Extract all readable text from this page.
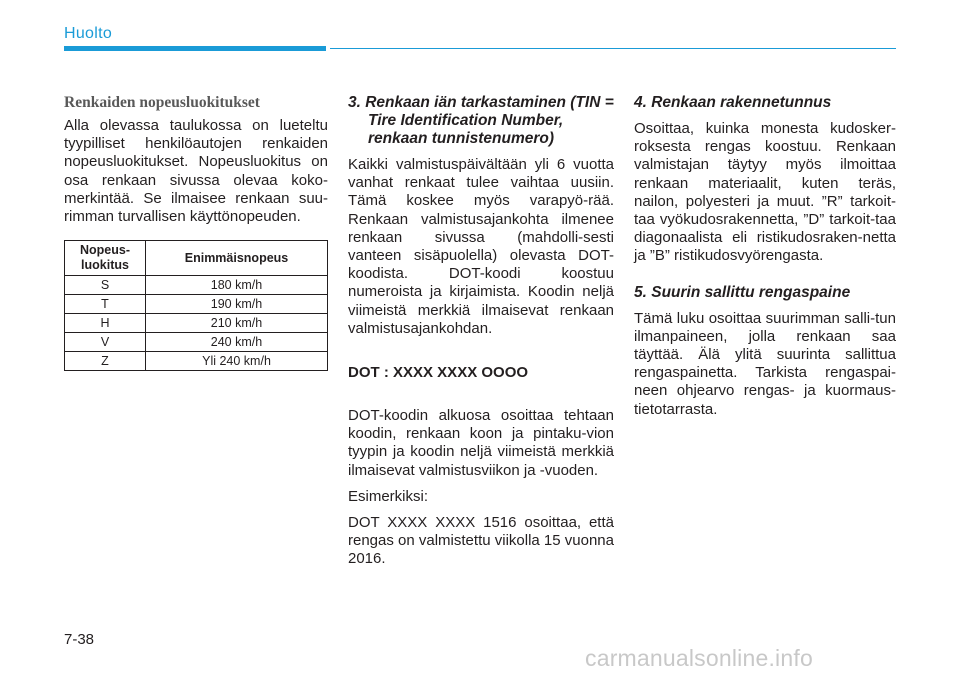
Huolto
Renkaiden nopeusluokitukset

Alla olevassa taulukossa on lueteltu tyypilliset henkilöautojen renkaiden nopeusluokitukset. Nopeusluokitus on osa renkaan sivussa olevaa koko-merkintää. Se ilmaisee renkaan suu-rimman turvallisen käyttönopeuden.

Nopeus-luokitus	Enimmäisnopeus
S	180 km/h
T	190 km/h
H	210 km/h
V	240 km/h
Z	Yli 240 km/h
3. Renkaan iän tarkastaminen (TIN = Tire Identification Number, renkaan tunnistenumero)

Kaikki valmistuspäivältään yli 6 vuotta vanhat renkaat tulee vaihtaa uusiin. Tämä koskee myös varapyö-rää. Renkaan valmistusajankohta ilmenee renkaan sivussa (mahdolli-sesti vanteen sisäpuolella) olevasta DOT-koodista. DOT-koodi koostuu numeroista ja kirjaimista. Koodin neljä viimeistä merkkiä ilmaisevat renkaan valmistusajankohdan.

DOT : XXXX XXXX OOOO

DOT-koodin alkuosa osoittaa tehtaan koodin, renkaan koon ja pintaku-vion tyypin ja koodin neljä viimeistä merkkiä ilmaisevat valmistusviikon ja -vuoden.

Esimerkiksi:

DOT XXXX XXXX 1516 osoittaa, että rengas on valmistettu viikolla 15 vuonna 2016.

4. Renkaan rakennetunnus

Osoittaa, kuinka monesta kudosker-roksesta rengas koostuu. Renkaan valmistajan täytyy myös ilmoittaa renkaan materiaalit, kuten teräs, nailon, polyesteri ja muut. ”R” tarkoit-taa vyökudosrakennetta, ”D” tarkoit-taa diagonaalista eli ristikudosraken-netta ja ”B” ristikudosvyörengasta.

5. Suurin sallittu rengaspaine

Tämä luku osoittaa suurimman salli-tun ilmanpaineen, jolla renkaan saa täyttää. Älä ylitä suurinta sallittua rengaspainetta. Tarkista rengaspai-neen ohjearvo rengas- ja kuormaus-tietotarrasta.

7-38
carmanualsonline.info
